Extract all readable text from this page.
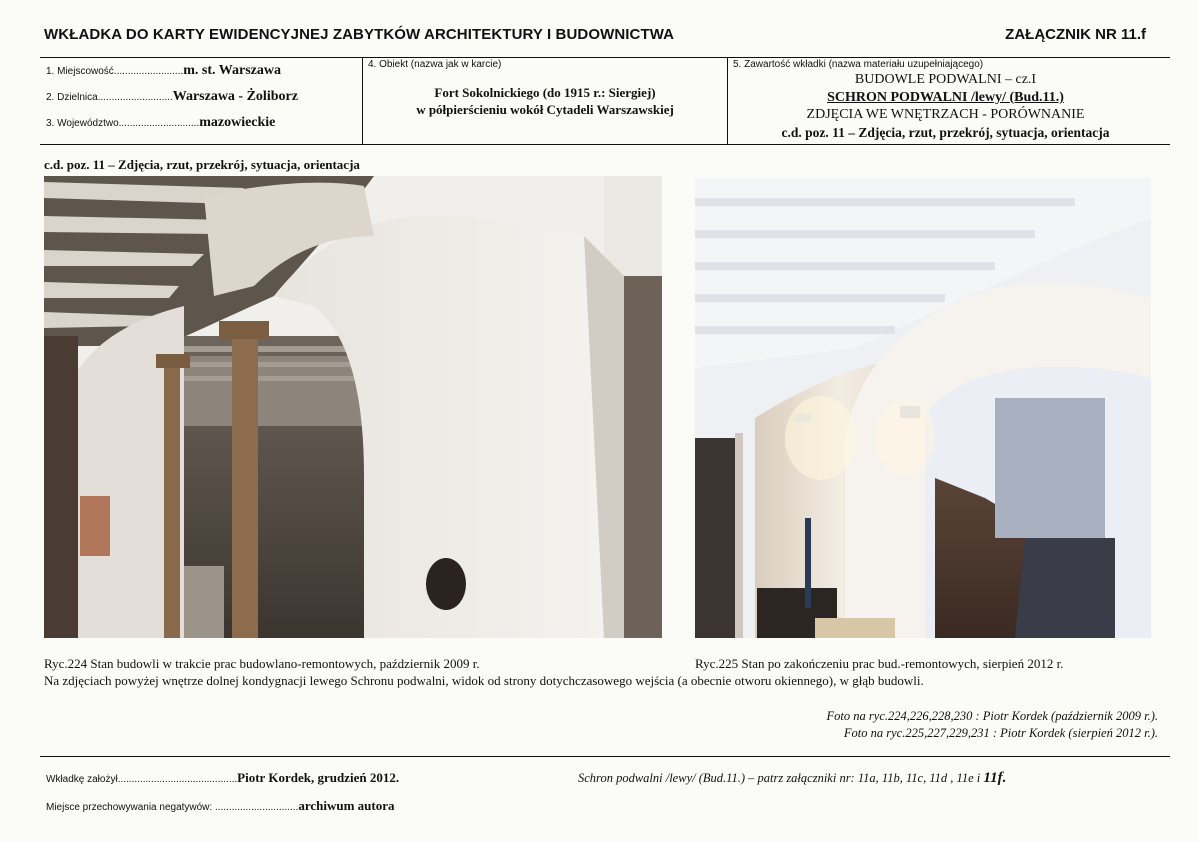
WKŁADKA DO KARTY EWIDENCYJNEJ ZABYTKÓW ARCHITEKTURY I BUDOWNICTWA	ZAŁĄCZNIK NR 11.f
1. Miejscowość.........................m. st. Warszawa
2. Dzielnica...........................Warszawa - Żoliborz
3. Województwo.............................mazowieckie
4. Obiekt (nazwa jak w karcie)
Fort Sokolnickiego (do 1915 r.: Siergiej)
w półpierścieniu wokół Cytadeli Warszawskiej
5. Zawartość wkładki (nazwa materiału uzupełniającego)
BUDOWLE PODWALNI – cz.I
SCHRON PODWALNI /lewy/ (Bud.11.)
ZDJĘCIA WE WNĘTRZACH - PORÓWNANIE
c.d. poz. 11 – Zdjęcia, rzut, przekrój, sytuacja, orientacja
c.d. poz. 11 – Zdjęcia, rzut, przekrój, sytuacja, orientacja
Ryc.224 Stan budowli w trakcie prac budowlano-remontowych, październik 2009 r.	Ryc.225 Stan po zakończeniu prac bud.-remontowych, sierpień 2012 r.
Na zdjęciach powyżej wnętrze dolnej kondygnacji lewego Schronu podwalni, widok od strony dotychczasowego wejścia (a obecnie otworu okiennego), w głąb budowli.
Foto na ryc.224,226,228,230 : Piotr Kordek (październik 2009 r.).
Foto na ryc.225,227,229,231 : Piotr Kordek (sierpień 2012 r.).
Wkładkę założył...........................................Piotr Kordek, grudzień 2012.
Miejsce przechowywania negatywów: ..............................archiwum autora
Schron podwalni /lewy/ (Bud.11.) – patrz załączniki nr: 11a, 11b, 11c, 11d , 11e i 11f.
